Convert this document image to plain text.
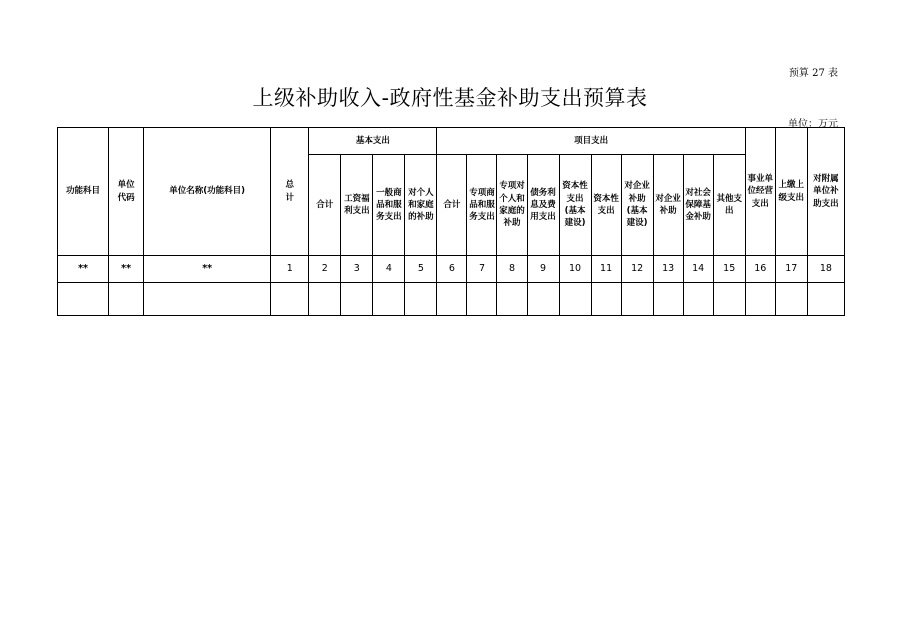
预算 27 表
上级补助收入-政府性基金补助支出预算表
单位：万元
功能科目	单位代码	单位名称(功能科目)	总计	基本支出				项目支出										事业单位经营支出	上缴上级支出	对附属单位补助支出

				合计	工资福利支出	一般商品和服务支出	对个人和家庭的补助	合计	专项商品和服务支出	专项对个人和家庭的补助	债务利息及费用支出	资本性支出(基本建设)	资本性支出	对企业补助(基本建设)	对企业补助	对社会保障基金补助	其他支出			

**	**	**	1	2	3	4	5	6	7	8	9	10	11	12	13	14	15	16	17	18
